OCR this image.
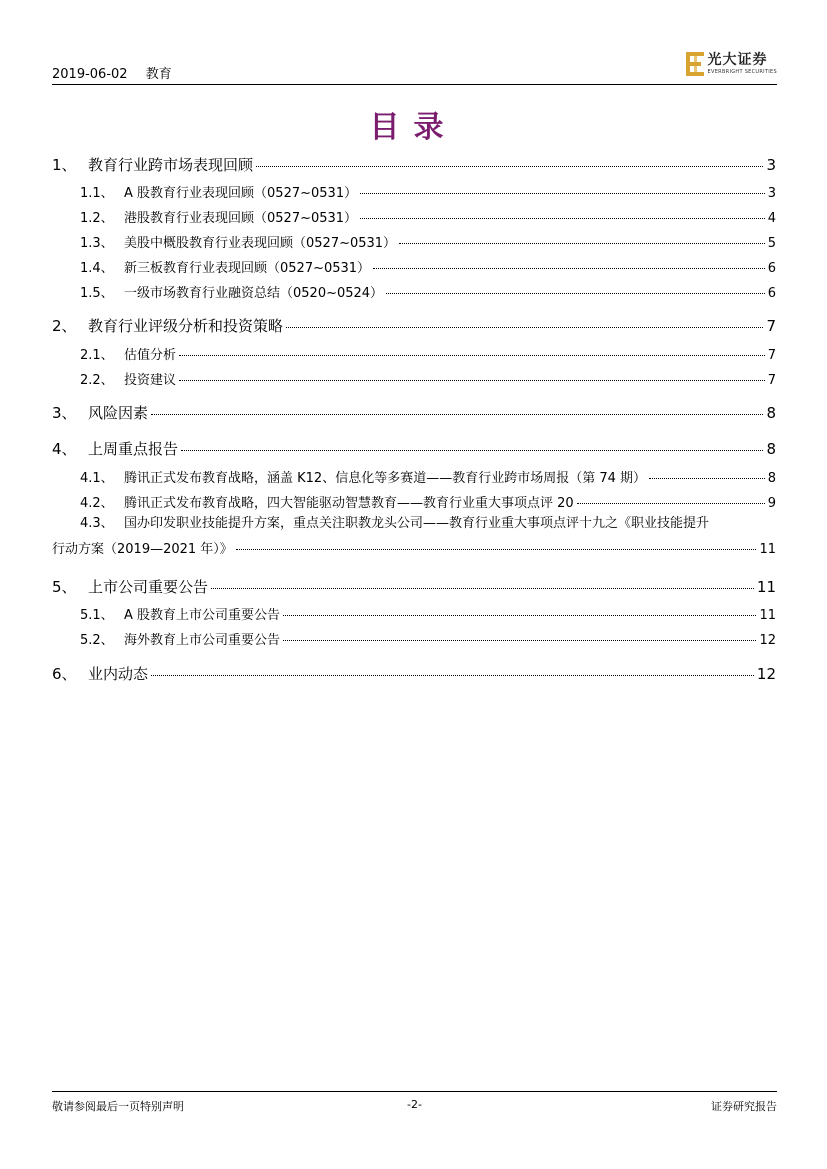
2019-06-02 教育
光大证券
EVERBRIGHT SECURITIES
目录
1、 教育行业跨市场表现回顾	3
1.1、 A 股教育行业表现回顾（0527~0531）	3
1.2、 港股教育行业表现回顾（0527~0531）	4
1.3、 美股中概股教育行业表现回顾（0527~0531）	5
1.4、 新三板教育行业表现回顾（0527~0531）	6
1.5、 一级市场教育行业融资总结（0520~0524）	6
2、 教育行业评级分析和投资策略	7
2.1、 估值分析	7
2.2、 投资建议	7
3、 风险因素	8
4、 上周重点报告	8
4.1、 腾讯正式发布教育战略，涵盖 K12、信息化等多赛道——教育行业跨市场周报（第 74 期）	8
4.2、 腾讯正式发布教育战略，四大智能驱动智慧教育——教育行业重大事项点评 20	9
4.3、 国办印发职业技能提升方案，重点关注职教龙头公司——教育行业重大事项点评十九之《职业技能提升
行动方案（2019—2021 年）》	11
5、 上市公司重要公告	11
5.1、 A 股教育上市公司重要公告	11
5.2、 海外教育上市公司重要公告	12
6、 业内动态	12
敬请参阅最后一页特别声明	-2-	证券研究报告
